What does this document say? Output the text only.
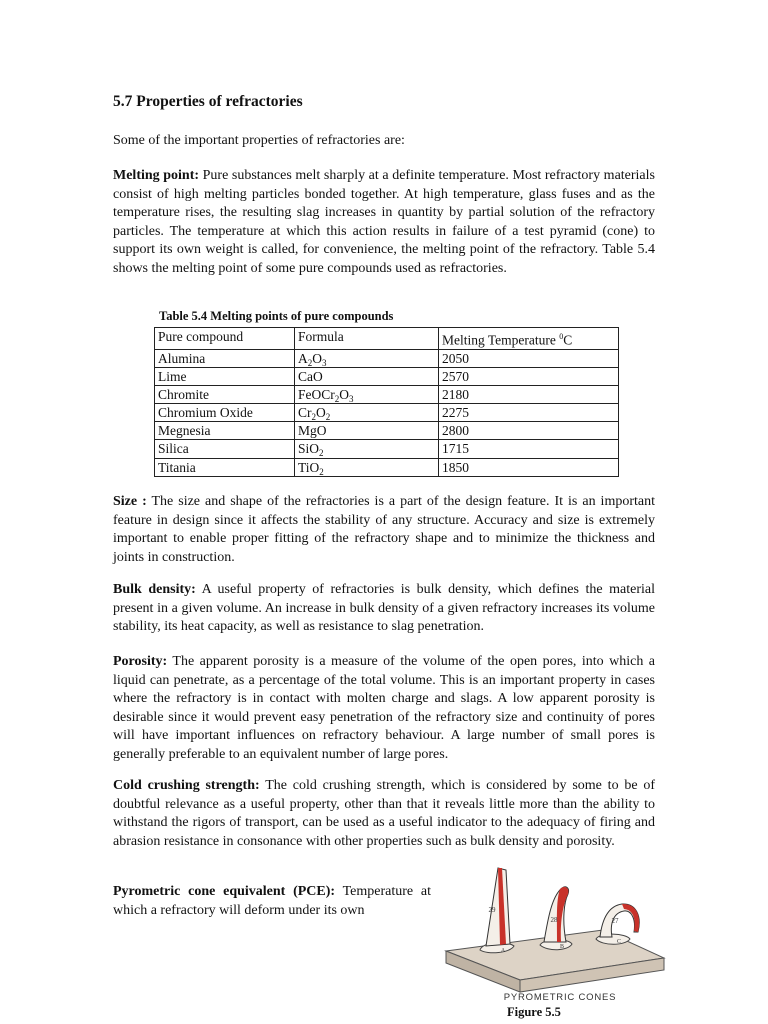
5.7 Properties of refractories

Some of the important properties of refractories are:

Melting point: Pure substances melt sharply at a definite temperature. Most refractory materials consist of high melting particles bonded together. At high temperature, glass fuses and as the temperature rises, the resulting slag increases in quantity by partial solution of the refractory particles. The temperature at which this action results in failure of a test pyramid (cone) to support its own weight is called, for convenience, the melting point of the refractory. Table 5.4 shows the melting point of some pure compounds used as refractories.

Table 5.4 Melting points of pure compounds
Pure compound	Formula	Melting Temperature $^0$C
Alumina	$A_2O_3$	2050
Lime	CaO	2570
Chromite	$FeOCr_2O_3$	2180
Chromium Oxide	$Cr_2O_2$	2275
Megnesia	MgO	2800
Silica	SiO$_2$	1715
Titania	TiO$_2$	1850

Size : The size and shape of the refractories is a part of the design feature. It is an important feature in design since it affects the stability of any structure. Accuracy and size is extremely important to enable proper fitting of the refractory shape and to minimize the thickness and joints in construction.

Bulk density: A useful property of refractories is bulk density, which defines the material present in a given volume. An increase in bulk density of a given refractory increases its volume stability, its heat capacity, as well as resistance to slag penetration.

Porosity: The apparent porosity is a measure of the volume of the open pores, into which a liquid can penetrate, as a percentage of the total volume. This is an important property in cases where the refractory is in contact with molten charge and slags. A low apparent porosity is desirable since it would prevent easy penetration of the refractory size and continuity of pores will have important influences on refractory behaviour. A large number of small pores is generally preferable to an equivalent number of large pores.

Cold crushing strength: The cold crushing strength, which is considered by some to be of doubtful relevance as a useful property, other than that it reveals little more than the ability to withstand the rigors of transport, can be used as a useful indicator to the adequacy of firing and abrasion resistance in consonance with other properties such as bulk density and porosity.

Pyrometric cone equivalent (PCE): Temperature at which a refractory will deform under its own	29
28	27
A
B
C
PYROMETRIC CONES
Figure 5.5
